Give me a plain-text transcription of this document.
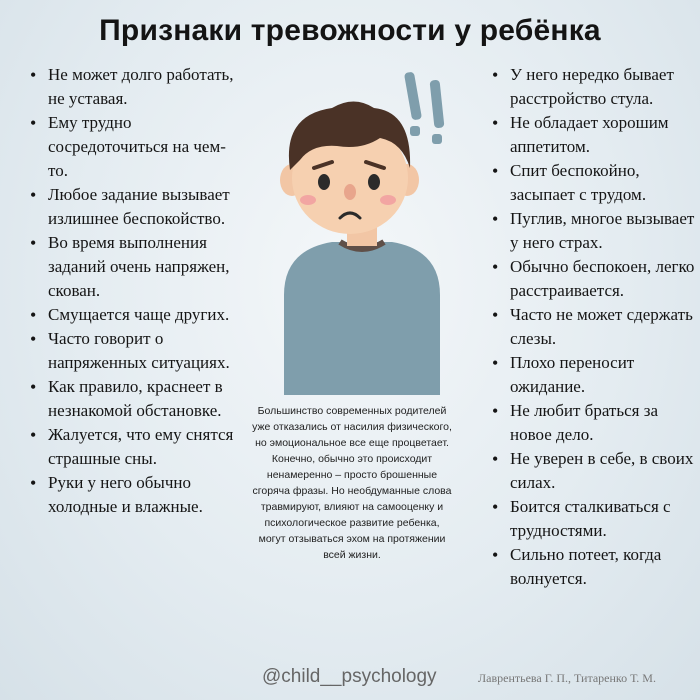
Признаки тревожности у ребёнка
• Не может долго работать, не уставая.
• Ему трудно сосредоточиться на чем-то.
• Любое задание вызывает излишнее беспокойство.
• Во время выполнения заданий очень напряжен, скован.
• Смущается чаще других.
• Часто говорит о напряженных ситуациях.
• Как правило, краснеет в незнакомой обстановке.
• Жалуется, что ему снятся страшные сны.
• Руки у него обычно холодные и влажные.
• У него нередко бывает расстройство стула.
• Не обладает хорошим аппетитом.
• Спит беспокойно, засыпает с трудом.
• Пуглив, многое вызывает у него страх.
• Обычно беспокоен, легко расстраивается.
• Часто не может сдержать слезы.
• Плохо переносит ожидание.
• Не любит браться за новое дело.
• Не уверен в себе, в своих силах.
• Боится сталкиваться с трудностями.
• Сильно потеет, когда волнуется.
Большинство современных родителей уже отказались от насилия физического, но эмоциональное все еще процветает. Конечно, обычно это происходит ненамеренно – просто брошенные сгоряча фразы. Но необдуманные слова травмируют, влияют на самооценку и психологическое развитие ребенка, могут отзываться эхом на протяжении всей жизни.
@child__psychology	Лаврентьева Г. П., Титаренко Т. М.
